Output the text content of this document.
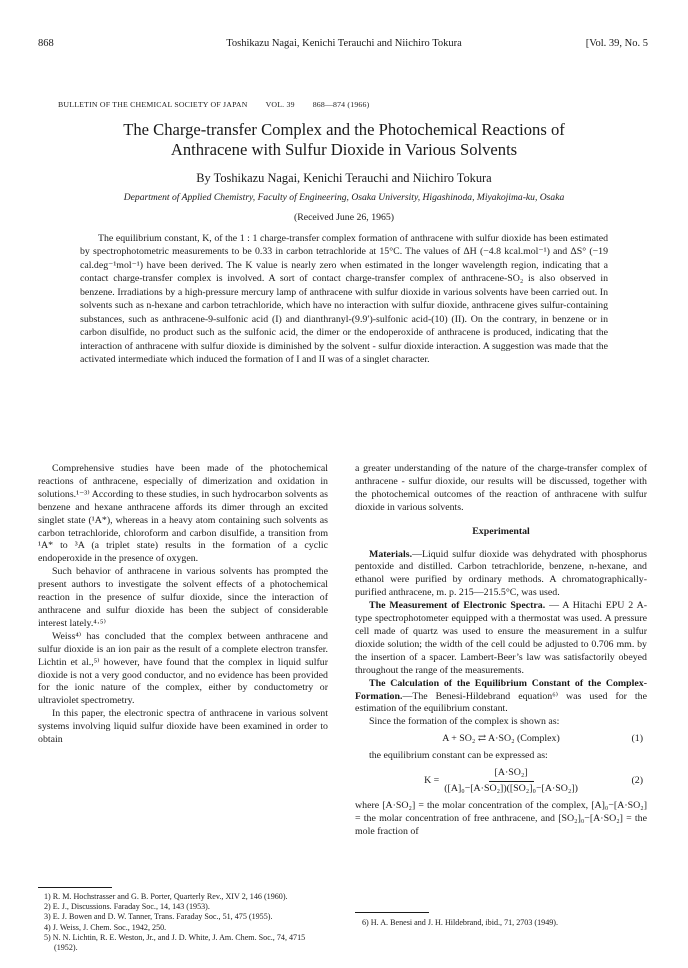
868	Toshikazu Nagai, Kenichi Terauchi and Niichiro Tokura	[Vol. 39, No. 5
BULLETIN OF THE CHEMICAL SOCIETY OF JAPAN VOL. 39 868—874 (1966)
The Charge-transfer Complex and the Photochemical Reactions of
Anthracene with Sulfur Dioxide in Various Solvents
By Toshikazu Nagai, Kenichi Terauchi and Niichiro Tokura
Department of Applied Chemistry, Faculty of Engineering, Osaka University, Higashinoda, Miyakojima-ku, Osaka
(Received June 26, 1965)

The equilibrium constant, K, of the 1 : 1 charge-transfer complex formation of anthracene with sulfur dioxide has been estimated by spectrophotometric measurements to be 0.33 in carbon tetrachloride at 15°C. The values of ΔH (−4.8 kcal.mol⁻¹) and ΔS° (−19 cal.deg⁻¹mol⁻¹) have been derived. The K value is nearly zero when estimated in the longer wavelength region, indicating that a contact charge-transfer complex is involved. A sort of contact charge-transfer complex of anthracene-SO₂ is also observed in benzene. Irradiations by a high-pressure mercury lamp of anthracene with sulfur dioxide in various solvents have been carried out. In solvents such as n-hexane and carbon tetrachloride, which have no interaction with sulfur dioxide, anthracene gives sulfur-containing substances, such as anthracene-9-sulfonic acid (I) and dianthranyl-(9.9′)-sulfonic acid-(10) (II). On the contrary, in benzene or in carbon disulfide, no product such as the sulfonic acid, the dimer or the endoperoxide of anthracene is produced, indicating that the interaction of anthracene with sulfur dioxide is diminished by the solvent - sulfur dioxide interaction. A suggestion was made that the activated intermediate which induced the formation of I and II was of a singlet character.

Comprehensive studies have been made of the photochemical reactions of anthracene, especially of dimerization and oxidation in solutions.¹⁻³⁾ According to these studies, in such hydrocarbon solvents as benzene and hexane anthracene affords its dimer through an excited singlet state (¹A*), whereas in a heavy atom containing such solvents as carbon tetrachloride, chloroform and carbon disulfide, a transition from ¹A* to ³A (a triplet state) results in the formation of a cyclic endoperoxide in the presence of oxygen.

Such behavior of anthracene in various solvents has prompted the present authors to investigate the solvent effects of a photochemical reaction in the presence of sulfur dioxide, since the interaction of anthracene and sulfur dioxide has been the subject of considerable interest lately.⁴·⁵⁾

Weiss⁴⁾ has concluded that the complex between anthracene and sulfur dioxide is an ion pair as the result of a complete electron transfer. Lichtin et al.,⁵⁾ however, have found that the complex in liquid sulfur dioxide is not a very good conductor, and no evidence has been provided for the ionic nature of the complex, either by conductometry or ultraviolet spectrometry.

In this paper, the electronic spectra of anthracene in various solvent systems involving liquid sulfur dioxide have been examined in order to obtain

1) R. M. Hochstrasser and G. B. Porter, Quarterly Rev., XIV 2, 146 (1960).
2) E. J., Discussions. Faraday Soc., 14, 143 (1953).
3) E. J. Bowen and D. W. Tanner, Trans. Faraday Soc., 51, 475 (1955).
4) J. Weiss, J. Chem. Soc., 1942, 250.
5) N. N. Lichtin, R. E. Weston, Jr., and J. D. White, J. Am. Chem. Soc., 74, 4715 (1952).

a greater understanding of the nature of the charge-transfer complex of anthracene - sulfur dioxide, our results will be discussed, together with the photochemical outcomes of the reaction of anthracene with sulfur dioxide in various solvents.

Experimental

Materials.—Liquid sulfur dioxide was dehydrated with phosphorus pentoxide and distilled. Carbon tetrachloride, benzene, n-hexane, and ethanol were purified by ordinary methods. A chromatographically-purified anthracene, m. p. 215—215.5°C, was used.

The Measurement of Electronic Spectra. — A Hitachi EPU 2 A-type spectrophotometer equipped with a thermostat was used. A pressure cell made of quartz was used to ensure the measurement in a sulfur dioxide solution; the width of the cell could be adjusted to 0.706 mm. by the insertion of a spacer. Lambert-Beer’s law was satisfactorily obeyed throughout the range of the measurements.

The Calculation of the Equilibrium Constant of the Complex-Formation.—The Benesi-Hildebrand equation⁶⁾ was used for the estimation of the equilibrium constant.

Since the formation of the complex is shown as:

A + SO₂ ⇄ A·SO₂ (Complex)	(1)

the equilibrium constant can be expressed as:

$K = \frac{\text{[A·SO₂]}}{\text{([A]₀−[A·SO₂])([SO₂]₀−[A·SO₂])}}$	(2)

where [A·SO₂] = the molar concentration of the complex, [A]₀−[A·SO₂] = the molar concentration of free anthracene, and [SO₂]₀−[A·SO₂] = the mole fraction of

6) H. A. Benesi and J. H. Hildebrand, ibid., 71, 2703 (1949).
